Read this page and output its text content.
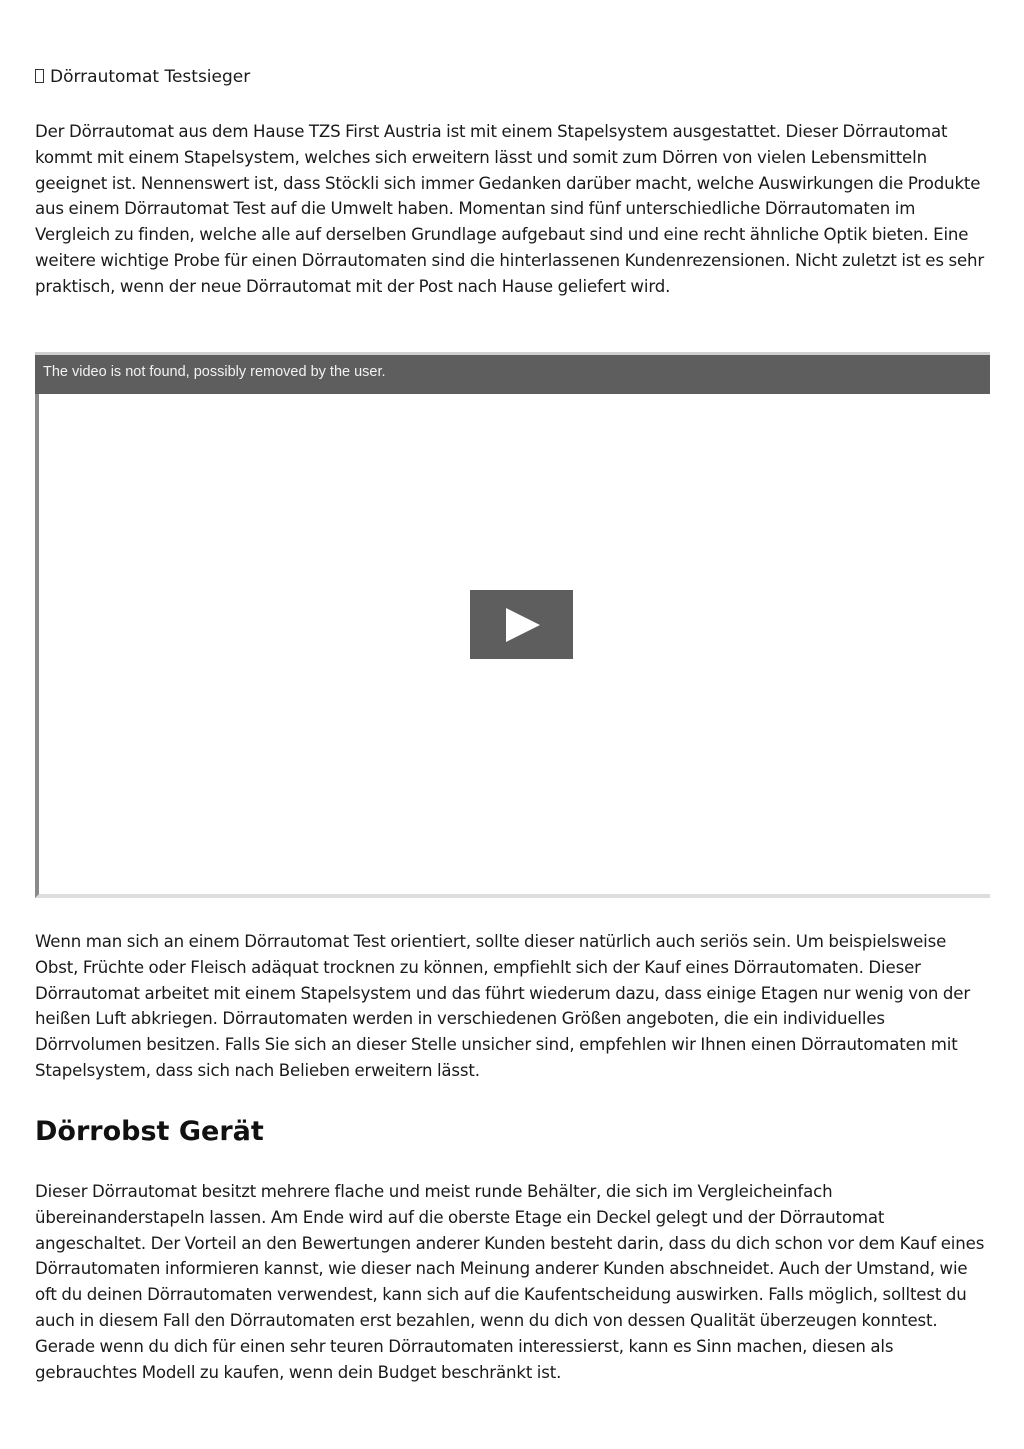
Dörrautomat Testsieger

Der Dörrautomat aus dem Hause TZS First Austria ist mit einem Stapelsystem ausgestattet. Dieser Dörrautomat kommt mit einem Stapelsystem, welches sich erweitern lässt und somit zum Dörren von vielen Lebensmitteln geeignet ist. Nennenswert ist, dass Stöckli sich immer Gedanken darüber macht, welche Auswirkungen die Produkte aus einem Dörrautomat Test auf die Umwelt haben. Momentan sind fünf unterschiedliche Dörrautomaten im Vergleich zu finden, welche alle auf derselben Grundlage aufgebaut sind und eine recht ähnliche Optik bieten. Eine weitere wichtige Probe für einen Dörrautomaten sind die hinterlassenen Kundenrezensionen. Nicht zuletzt ist es sehr praktisch, wenn der neue Dörrautomat mit der Post nach Hause geliefert wird.

The video is not found, possibly removed by the user.

Wenn man sich an einem Dörrautomat Test orientiert, sollte dieser natürlich auch seriös sein. Um beispielsweise Obst, Früchte oder Fleisch adäquat trocknen zu können, empfiehlt sich der Kauf eines Dörrautomaten. Dieser Dörrautomat arbeitet mit einem Stapelsystem und das führt wiederum dazu, dass einige Etagen nur wenig von der heißen Luft abkriegen. Dörrautomaten werden in verschiedenen Größen angeboten, die ein individuelles Dörrvolumen besitzen. Falls Sie sich an dieser Stelle unsicher sind, empfehlen wir Ihnen einen Dörrautomaten mit Stapelsystem, dass sich nach Belieben erweitern lässt.

Dörrobst Gerät

Dieser Dörrautomat besitzt mehrere flache und meist runde Behälter, die sich im Vergleicheinfach übereinanderstapeln lassen. Am Ende wird auf die oberste Etage ein Deckel gelegt und der Dörrautomat angeschaltet. Der Vorteil an den Bewertungen anderer Kunden besteht darin, dass du dich schon vor dem Kauf eines Dörrautomaten informieren kannst, wie dieser nach Meinung anderer Kunden abschneidet. Auch der Umstand, wie oft du deinen Dörrautomaten verwendest, kann sich auf die Kaufentscheidung auswirken. Falls möglich, solltest du auch in diesem Fall den Dörrautomaten erst bezahlen, wenn du dich von dessen Qualität überzeugen konntest. Gerade wenn du dich für einen sehr teuren Dörrautomaten interessierst, kann es Sinn machen, diesen als gebrauchtes Modell zu kaufen, wenn dein Budget beschränkt ist.
